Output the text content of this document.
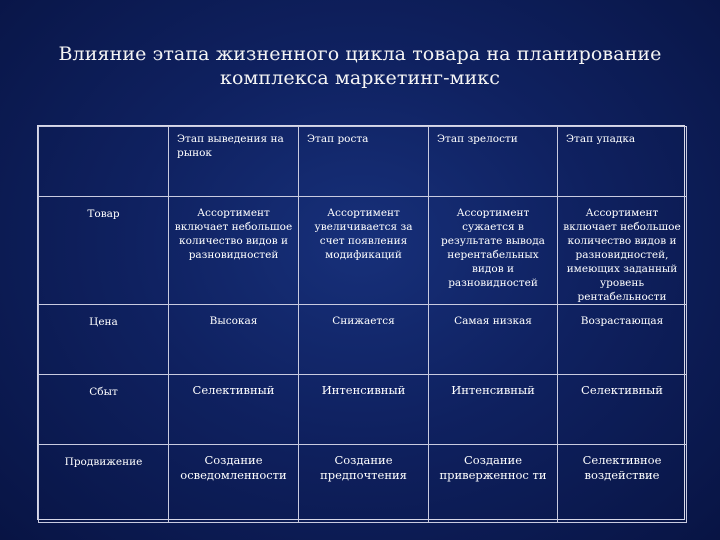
Влияние этапа жизненного цикла товара на планирование комплекса маркетинг-микс
	Этап выведения на рынок	Этап роста	Этап зрелости	Этап упадка
Товар	Ассортимент включает небольшое количество видов и разновидностей	Ассортимент увеличивается за счет появления модификаций	Ассортимент сужается в результате вывода нерентабельных видов и разновидностей	Ассортимент включает небольшое количество видов и разновидностей, имеющих заданный уровень рентабельности
Цена	Высокая	Снижается	Самая низкая	Возрастающая
Сбыт	Селективный	Интенсивный	Интенсивный	Селективный
Продвижение	Создание осведомленности	Создание предпочтения	Создание приверженнос ти	Селективное воздействие
